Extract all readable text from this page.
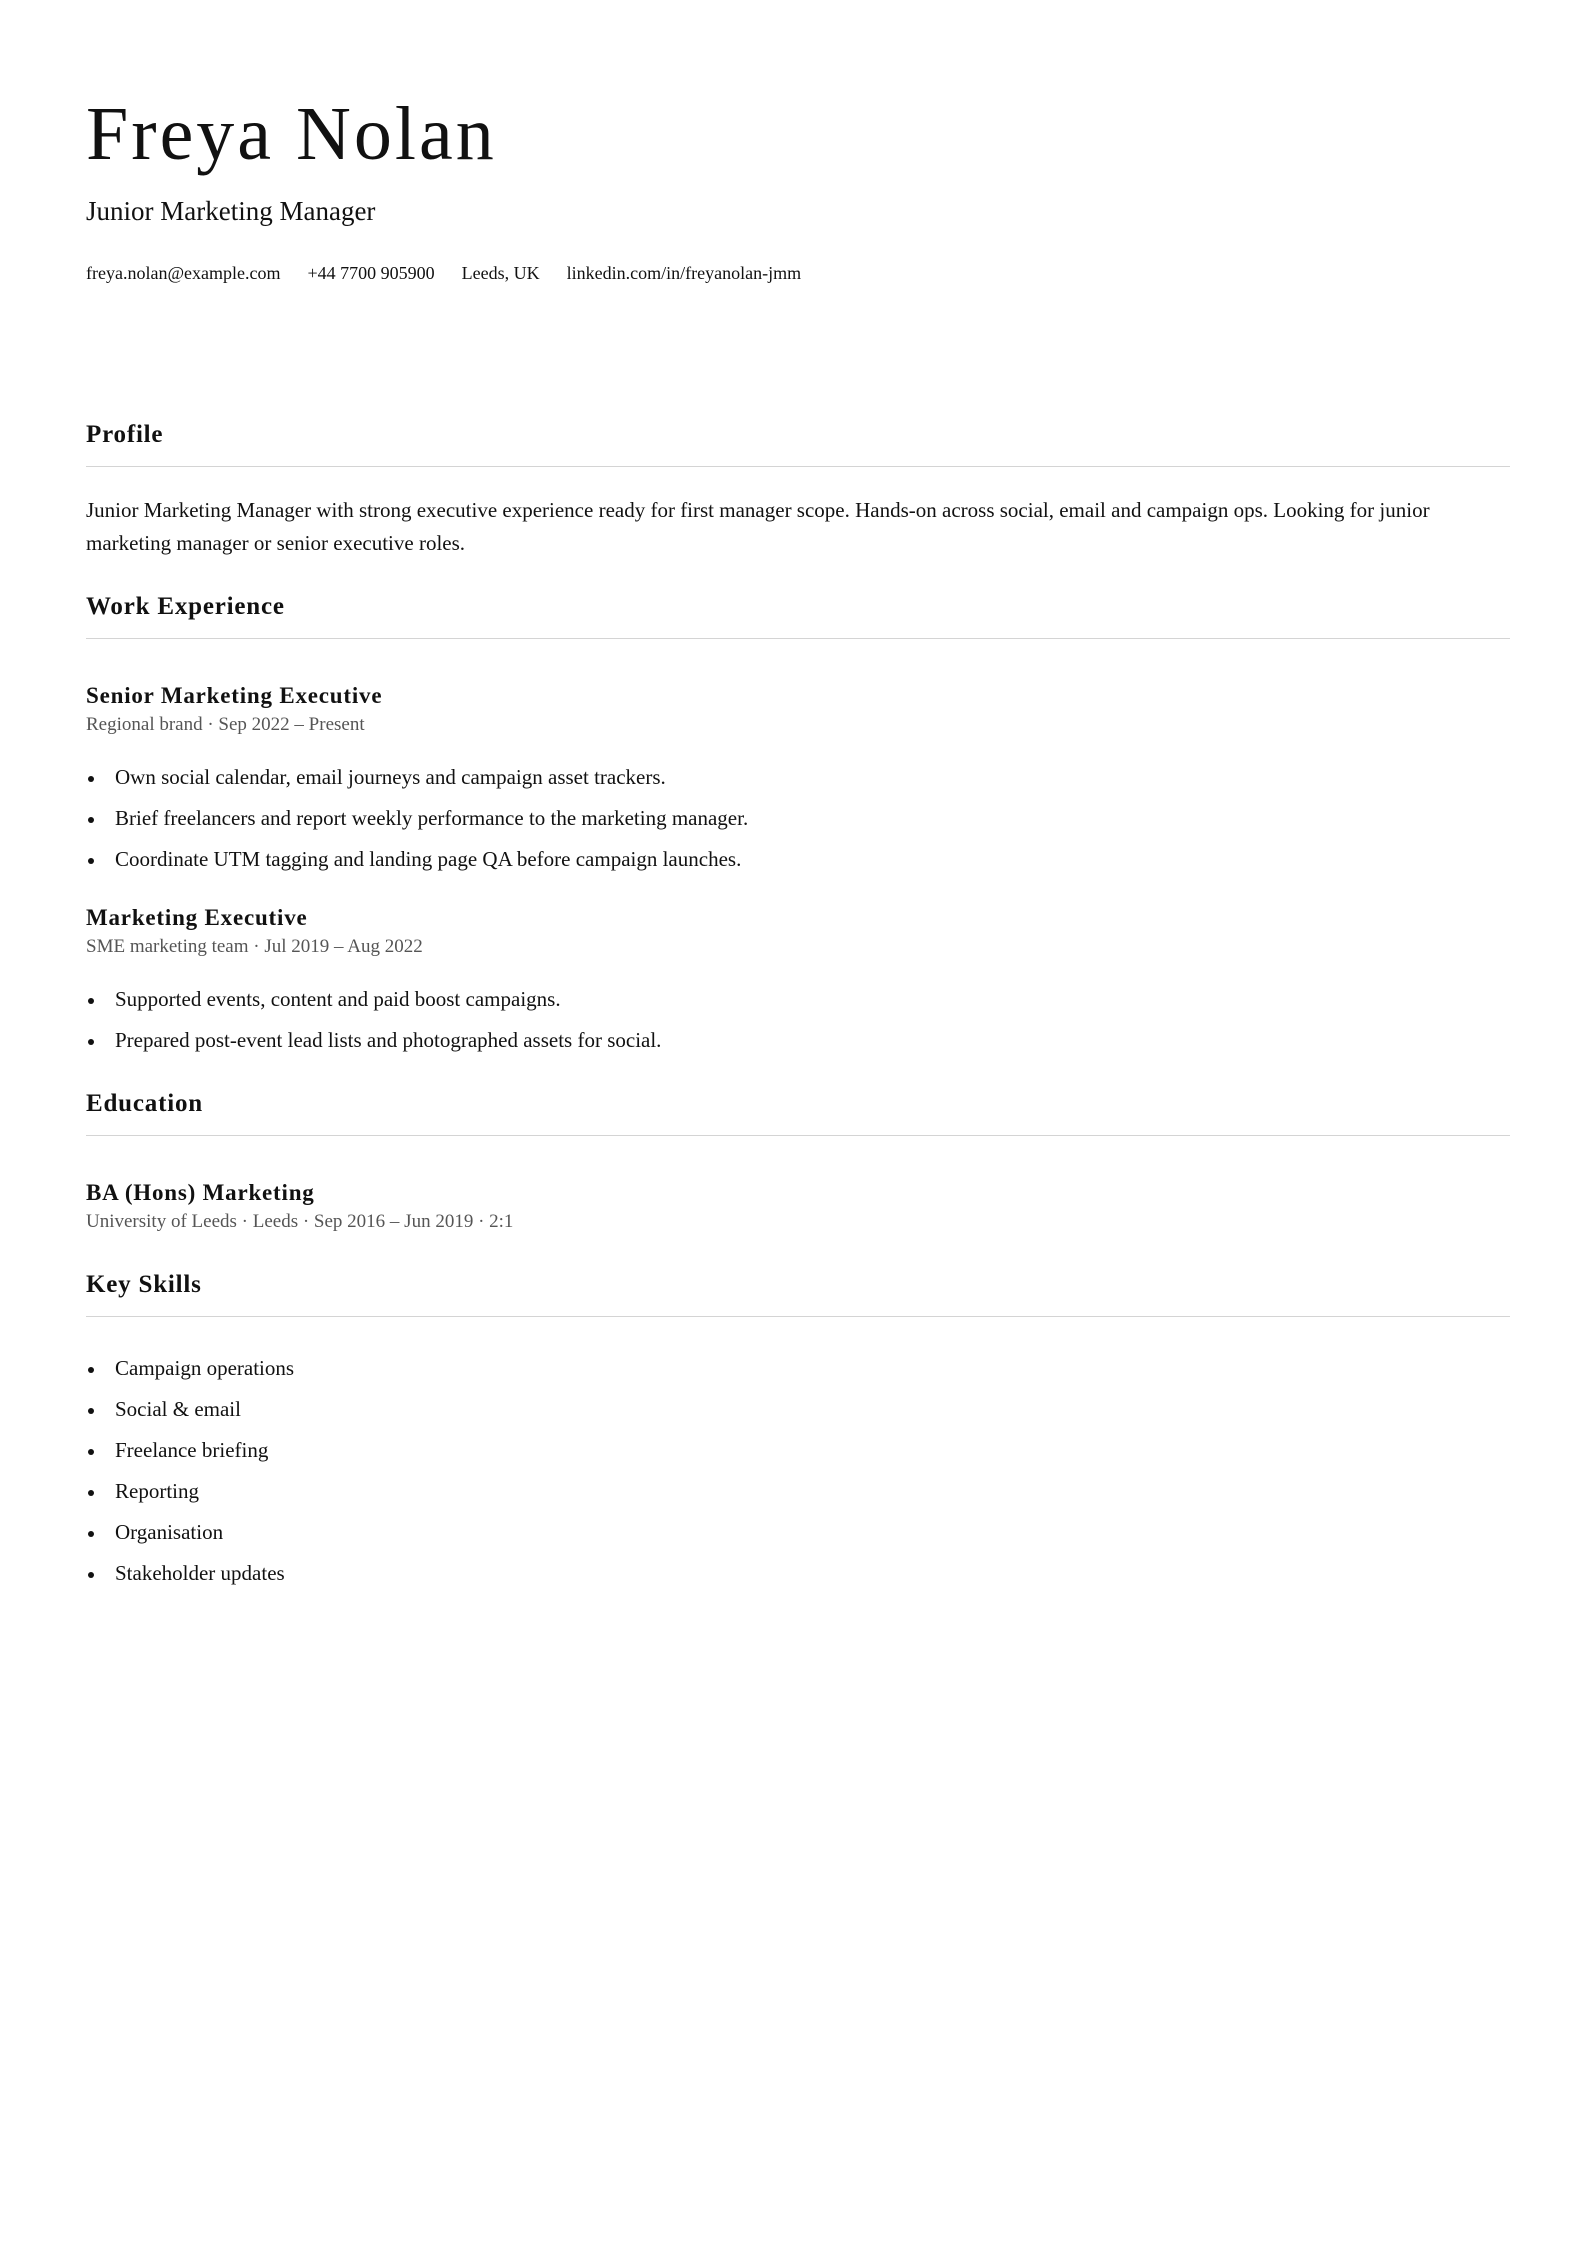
Freya Nolan
Junior Marketing Manager
freya.nolan@example.com +44 7700 905900 Leeds, UK linkedin.com/in/freyanolan-jmm
Profile

Junior Marketing Manager with strong executive experience ready for first manager scope. Hands-on across social, email and campaign ops. Looking for junior marketing manager or senior executive roles.

Work Experience
Senior Marketing Executive
Regional brand · Sep 2022 – Present
Own social calendar, email journeys and campaign asset trackers.
Brief freelancers and report weekly performance to the marketing manager.
Coordinate UTM tagging and landing page QA before campaign launches.
Marketing Executive
SME marketing team · Jul 2019 – Aug 2022
Supported events, content and paid boost campaigns.
Prepared post-event lead lists and photographed assets for social.
Education
BA (Hons) Marketing
University of Leeds · Leeds · Sep 2016 – Jun 2019 · 2:1
Key Skills
Campaign operations
Social & email
Freelance briefing
Reporting
Organisation
Stakeholder updates
